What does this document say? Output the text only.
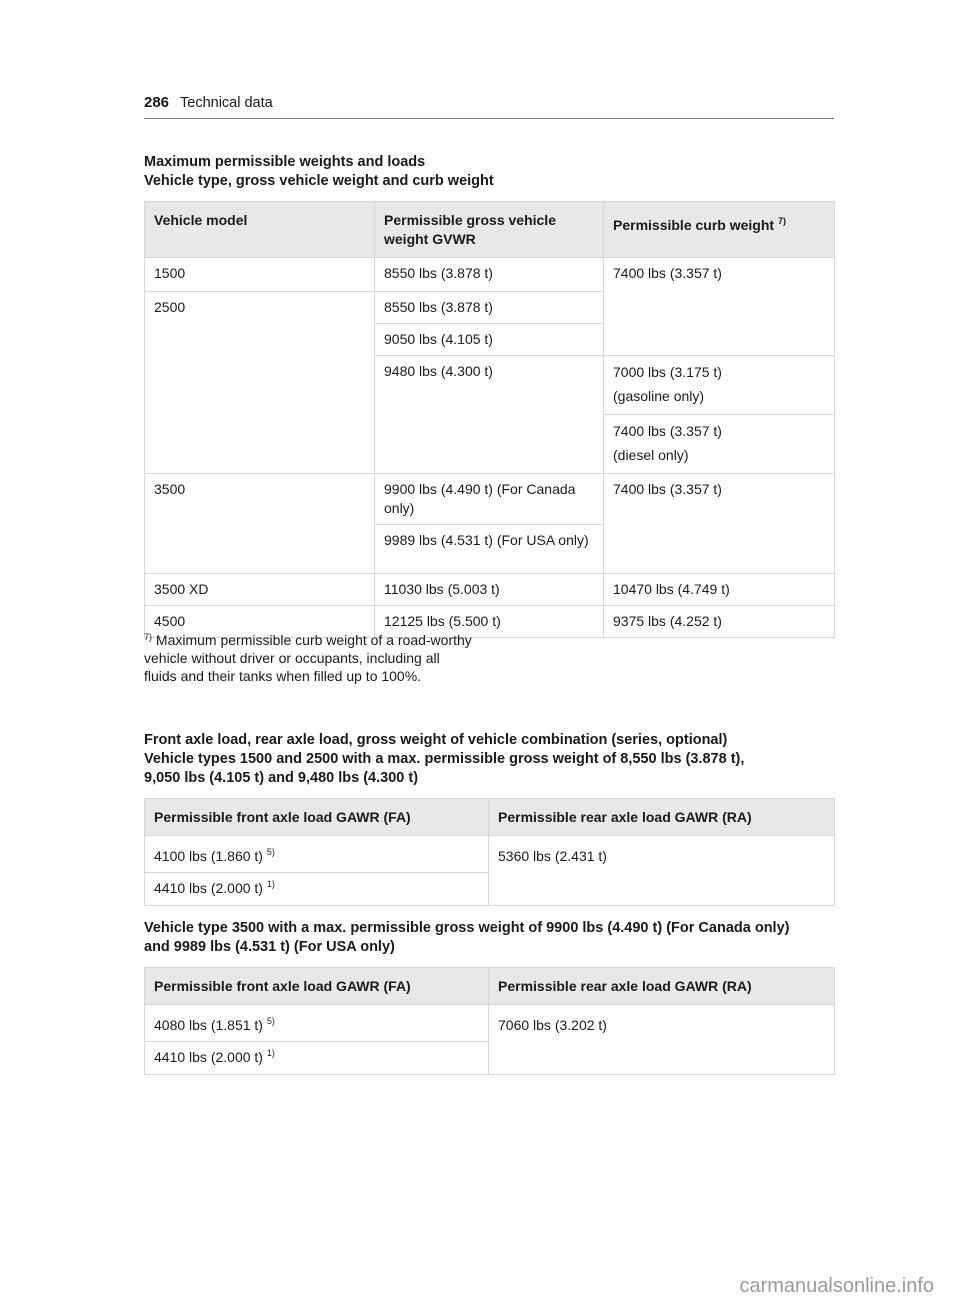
286 Technical data
Maximum permissible weights and loads
Vehicle type, gross vehicle weight and curb weight
Vehicle model	Permissible gross vehicle weight GVWR	Permissible curb weight $^{7)}$
1500	8550 lbs (3.878 t)	7400 lbs (3.357 t)
2500	8550 lbs (3.878 t)	
	9050 lbs (4.105 t)	
	9480 lbs (4.300 t)	7000 lbs (3.175 t)
(gasoline only)

		7400 lbs (3.357 t)
(diesel only)

3500	9900 lbs (4.490 t) (For Canada only)	7400 lbs (3.357 t)
	9989 lbs (4.531 t) (For USA only)	
3500 XD	11030 lbs (5.003 t)	10470 lbs (4.749 t)
4500	12125 lbs (5.500 t)	9375 lbs (4.252 t)
$^{7)}$ Maximum permissible curb weight of a road-worthy vehicle without driver or occupants, including all fluids and their tanks when filled up to 100%.
Front axle load, rear axle load, gross weight of vehicle combination (series, optional)
Vehicle types 1500 and 2500 with a max. permissible gross weight of 8,550 lbs (3.878 t),
9,050 lbs (4.105 t) and 9,480 lbs (4.300 t)
Permissible front axle load GAWR (FA)	Permissible rear axle load GAWR (RA)
4100 lbs (1.860 t) $^{5)}$	5360 lbs (2.431 t)
4410 lbs (2.000 t) $^{1)}$
Vehicle type 3500 with a max. permissible gross weight of 9900 lbs (4.490 t) (For Canada only)
and 9989 lbs (4.531 t) (For USA only)
Permissible front axle load GAWR (FA)	Permissible rear axle load GAWR (RA)
4080 lbs (1.851 t) $^{5)}$	7060 lbs (3.202 t)
4410 lbs (2.000 t) $^{1)}$
carmanualsonline.info
